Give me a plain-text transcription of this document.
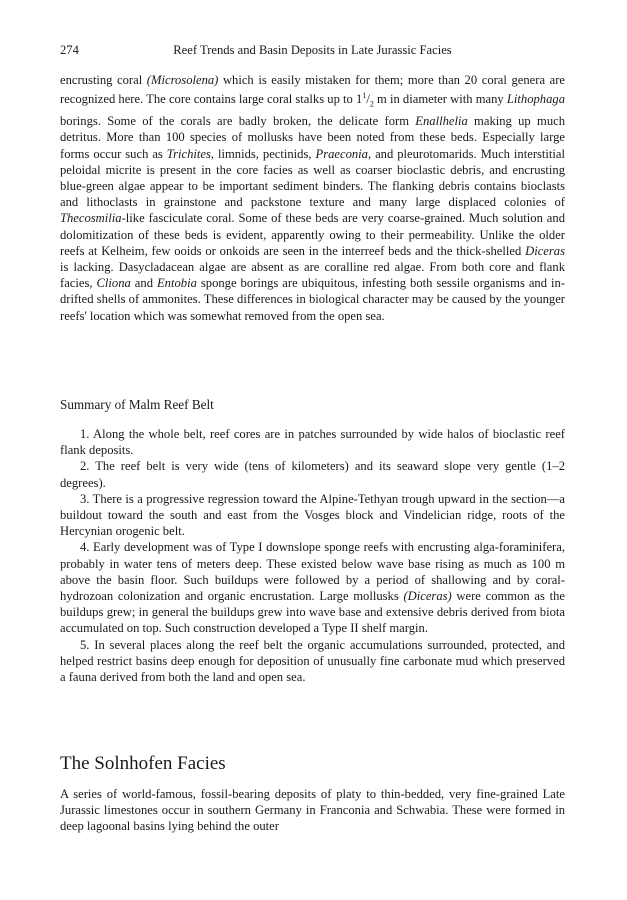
274	Reef Trends and Basin Deposits in Late Jurassic Facies

encrusting coral (Microsolena) which is easily mistaken for them; more than 20 coral genera are recognized here. The core contains large coral stalks up to $1^1/_2$ m in diameter with many Lithophaga borings. Some of the corals are badly broken, the delicate form Enallhelia making up much detritus. More than 100 species of mollusks have been noted from these beds. Especially large forms occur such as Trichites, limnids, pectinids, Praeconia, and pleurotomarids. Much interstitial peloidal micrite is present in the core facies as well as coarser bioclastic debris, and encrusting blue-green algae appear to be important sediment binders. The flanking debris contains bioclasts and lithoclasts in grainstone and packstone texture and many large displaced colonies of Thecosmilia-like fasciculate coral. Some of these beds are very coarse-grained. Much solution and dolomitization of these beds is evident, apparently owing to their permeability. Unlike the older reefs at Kelheim, few ooids or onkoids are seen in the interreef beds and the thick-shelled Diceras is lacking. Dasycladacean algae are absent as are coralline red algae. From both core and flank facies, Cliona and Entobia sponge borings are ubiquitous, infesting both sessile organisms and in-drifted shells of ammonites. These differences in biological character may be caused by the younger reefs' location which was somewhat removed from the open sea.

Summary of Malm Reef Belt

1. Along the whole belt, reef cores are in patches surrounded by wide halos of bioclastic reef flank deposits.

2. The reef belt is very wide (tens of kilometers) and its seaward slope very gentle (1–2 degrees).

3. There is a progressive regression toward the Alpine-Tethyan trough upward in the section—a buildout toward the south and east from the Vosges block and Vindelician ridge, roots of the Hercynian orogenic belt.

4. Early development was of Type I downslope sponge reefs with encrusting alga-foraminifera, probably in water tens of meters deep. These existed below wave base rising as much as 100 m above the basin floor. Such buildups were followed by a period of shallowing and by coral-hydrozoan colonization and organic encrustation. Large mollusks (Diceras) were common as the buildups grew; in general the buildups grew into wave base and extensive debris derived from biota accumulated on top. Such construction developed a Type II shelf margin.

5. In several places along the reef belt the organic accumulations surrounded, protected, and helped restrict basins deep enough for deposition of unusually fine carbonate mud which preserved a fauna derived from both the land and open sea.

The Solnhofen Facies

A series of world-famous, fossil-bearing deposits of platy to thin-bedded, very fine-grained Late Jurassic limestones occur in southern Germany in Franconia and Schwabia. These were formed in deep lagoonal basins lying behind the outer
